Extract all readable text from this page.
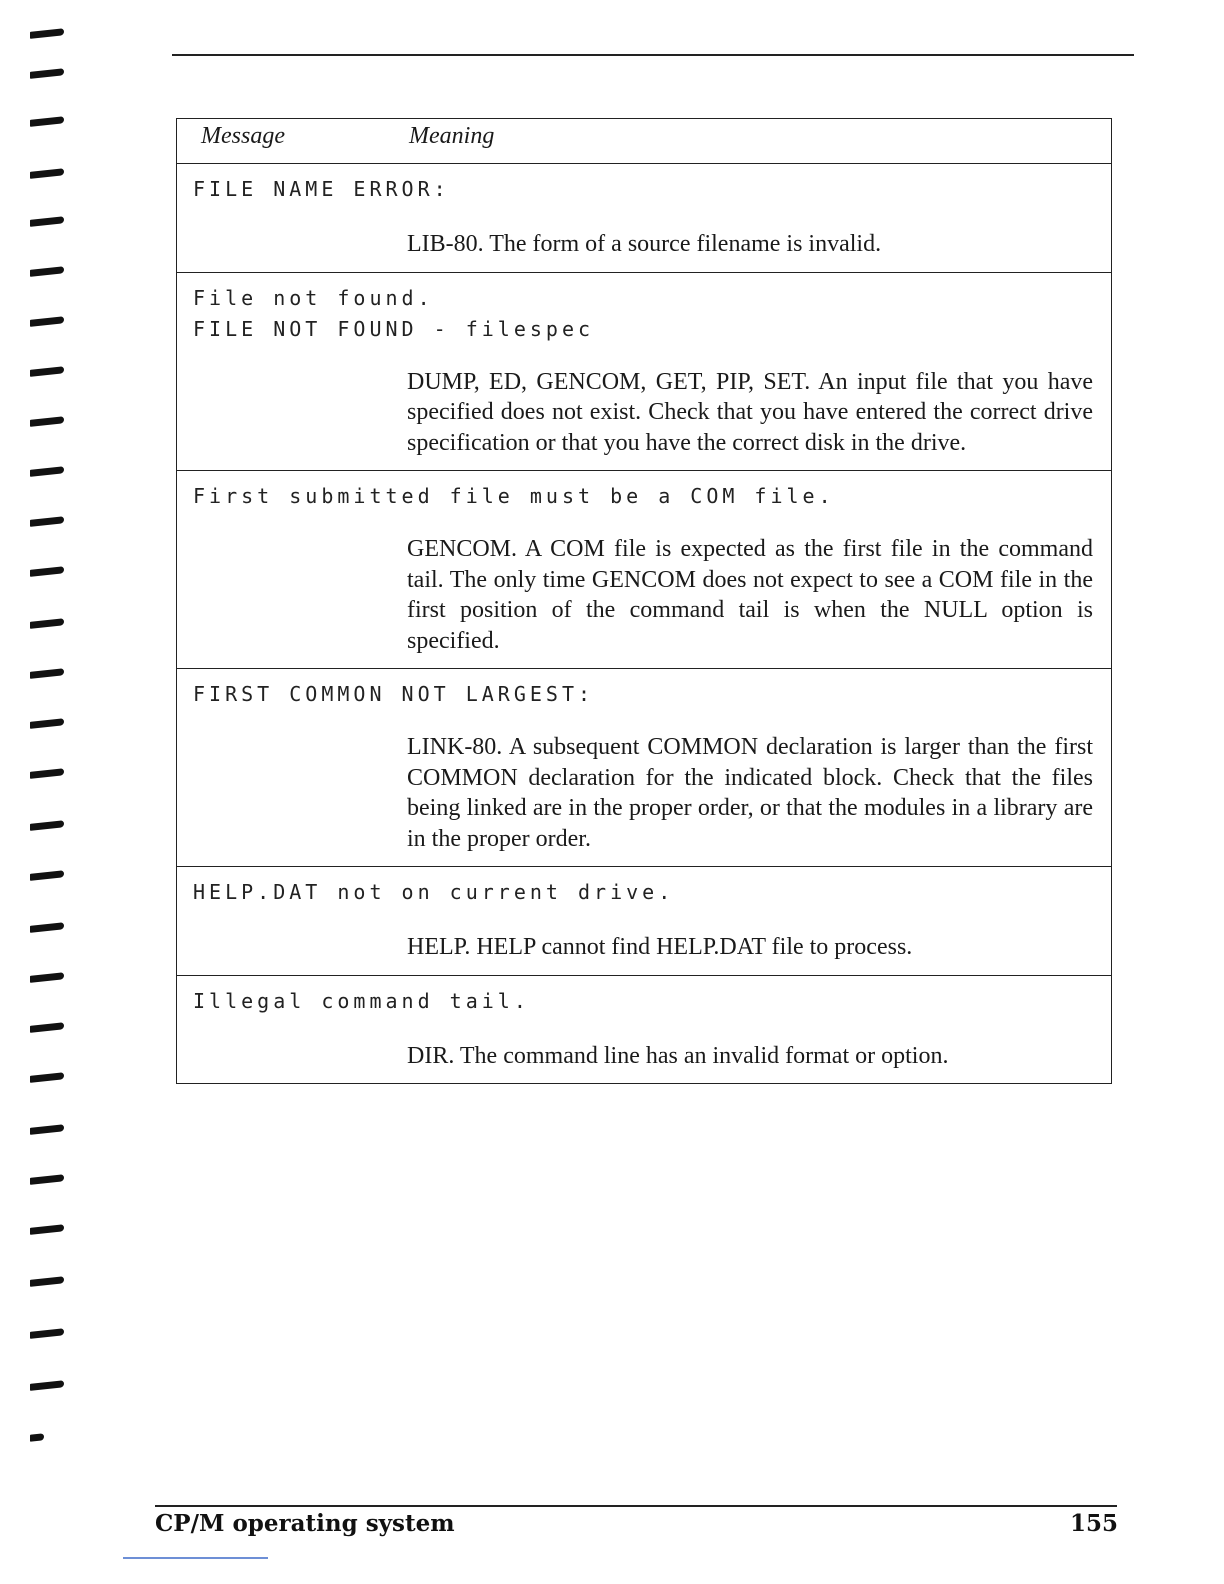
Message	Meaning
FILE NAME ERROR:
LIB-80. The form of a source filename is invalid.
File not found.
FILE NOT FOUND - filespec
DUMP, ED, GENCOM, GET, PIP, SET. An input file that you have specified does not exist. Check that you have entered the correct drive specification or that you have the correct disk in the drive.
First submitted file must be a COM file.
GENCOM. A COM file is expected as the first file in the command tail. The only time GENCOM does not expect to see a COM file in the first position of the command tail is when the NULL option is specified.
FIRST COMMON NOT LARGEST:
LINK-80. A subsequent COMMON declaration is larger than the first COMMON declaration for the indicated block. Check that the files being linked are in the proper order, or that the modules in a library are in the proper order.
HELP.DAT not on current drive.
HELP. HELP cannot find HELP.DAT file to process.
Illegal command tail.
DIR. The command line has an invalid format or option.
CP/M operating system	155
